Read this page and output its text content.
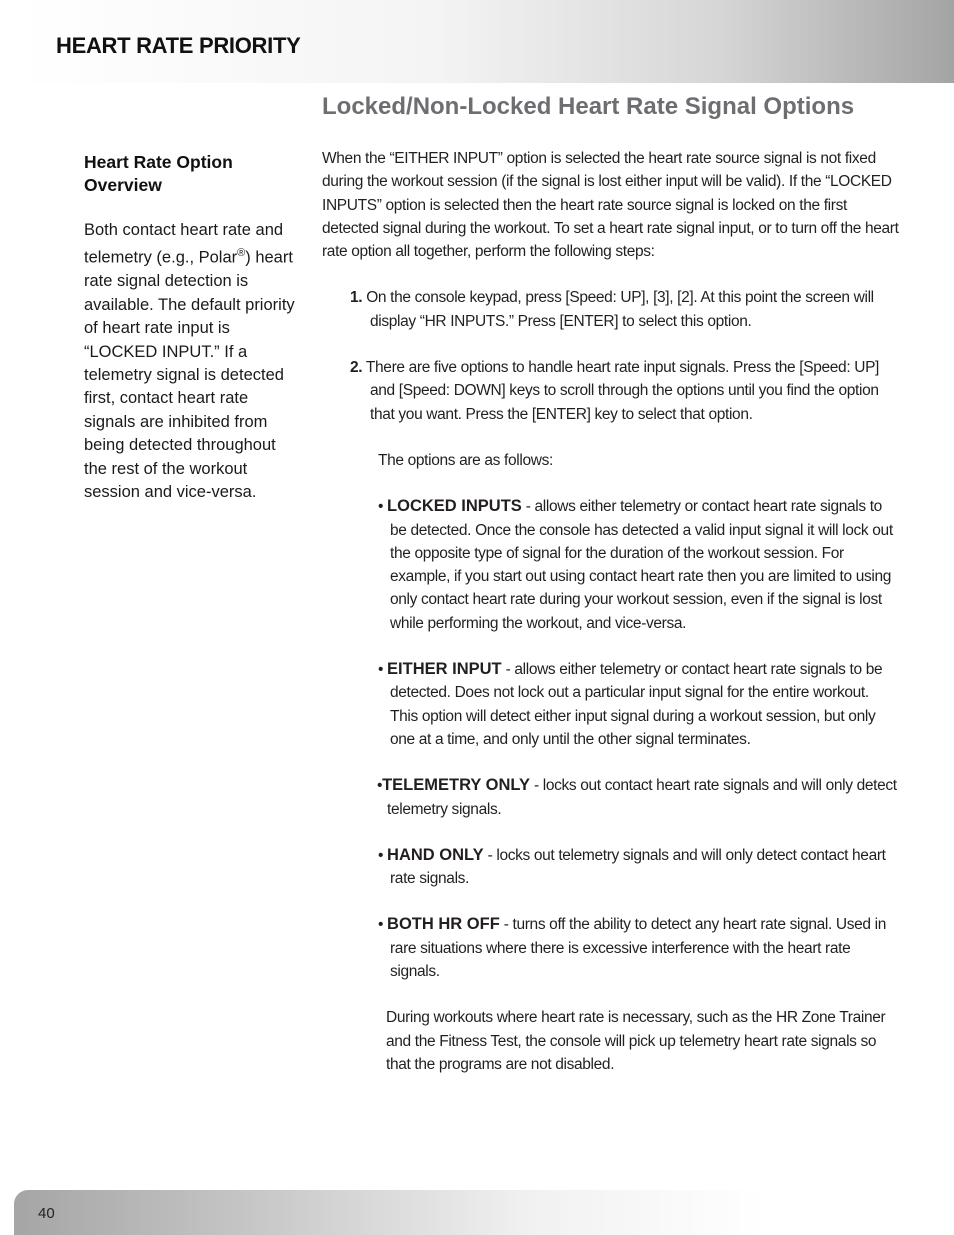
HEART RATE PRIORITY
Heart Rate Option Overview

Both contact heart rate and telemetry (e.g., Polar®) heart rate signal detection is available. The default priority of heart rate input is “LOCKED INPUT.” If a telemetry signal is detected first, contact heart rate signals are inhibited from being detected throughout the rest of the workout session and vice-versa.

Locked/Non-Locked Heart Rate Signal Options

When the “EITHER INPUT” option is selected the heart rate source signal is not fixed during the workout session (if the signal is lost either input will be valid). If the “LOCKED INPUTS” option is selected then the heart rate source signal is locked on the first detected signal during the workout. To set a heart rate signal input, or to turn off the heart rate option all together, perform the following steps:

1. On the console keypad, press [Speed: UP], [3], [2]. At this point the screen will display “HR INPUTS.” Press [ENTER] to select this option.

2. There are five options to handle heart rate input signals. Press the [Speed: UP] and [Speed: DOWN] keys to scroll through the options until you find the option that you want. Press the [ENTER] key to select that option.

The options are as follows:

• LOCKED INPUTS - allows either telemetry or contact heart rate signals to be detected. Once the console has detected a valid input signal it will lock out the opposite type of signal for the duration of the workout session. For example, if you start out using contact heart rate then you are limited to using only contact heart rate during your workout session, even if the signal is lost while performing the workout, and vice-versa.

• EITHER INPUT - allows either telemetry or contact heart rate signals to be detected. Does not lock out a particular input signal for the entire workout. This option will detect either input signal during a workout session, but only one at a time, and only until the other signal terminates.

•TELEMETRY ONLY - locks out contact heart rate signals and will only detect telemetry signals.

• HAND ONLY - locks out telemetry signals and will only detect contact heart rate signals.

• BOTH HR OFF - turns off the ability to detect any heart rate signal. Used in rare situations where there is excessive interference with the heart rate signals.

During workouts where heart rate is necessary, such as the HR Zone Trainer and the Fitness Test, the console will pick up telemetry heart rate signals so that the programs are not disabled.

40
